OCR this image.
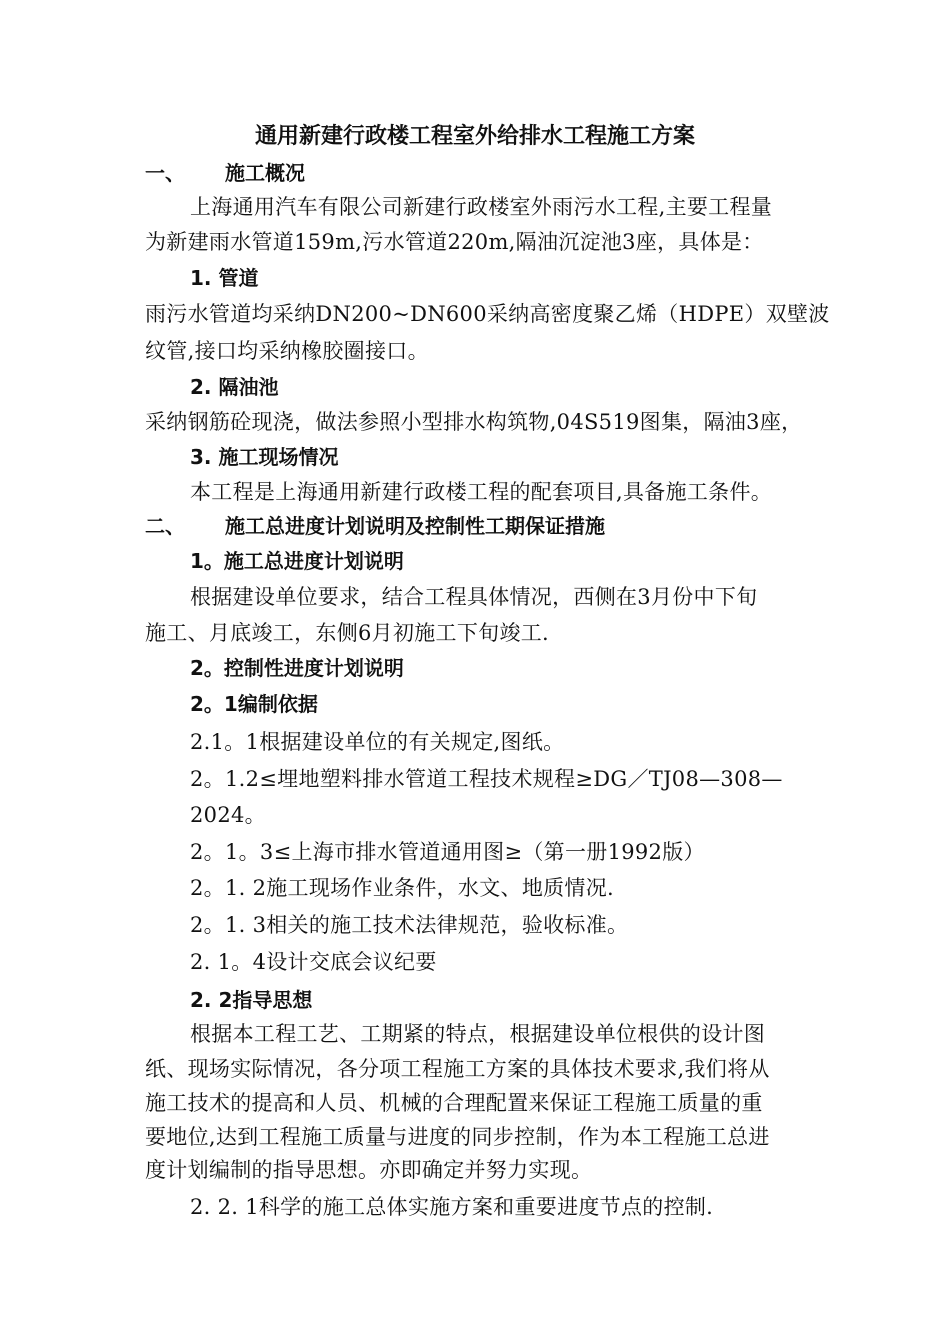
通用新建行政楼工程室外给排水工程施工方案
一、 施工概况
上海通用汽车有限公司新建行政楼室外雨污水工程,主要工程量
为新建雨水管道159m,污水管道220m,隔油沉淀池3座，具体是：
1. 管道
雨污水管道均采纳DN200~DN600采纳高密度聚乙烯（HDPE）双壁波
纹管,接口均采纳橡胶圈接口。
2. 隔油池
采纳钢筋砼现浇，做法参照小型排水构筑物,04S519图集，隔油3座，
3. 施工现场情况
本工程是上海通用新建行政楼工程的配套项目,具备施工条件。
二、 施工总进度计划说明及控制性工期保证措施
1。施工总进度计划说明
根据建设单位要求，结合工程具体情况，西侧在3月份中下旬
施工、月底竣工，东侧6月初施工下旬竣工.
2。控制性进度计划说明
2。1编制依据
2.1。1根据建设单位的有关规定,图纸。
2。1.2≤埋地塑料排水管道工程技术规程≥DG／TJ08—308—
2024。
2。1。3≤上海市排水管道通用图≥（第一册1992版）
2。1. 2施工现场作业条件，水文、地质情况.
2。1. 3相关的施工技术法律规范，验收标准。
2. 1。4设计交底会议纪要
2. 2指导思想
根据本工程工艺、工期紧的特点，根据建设单位根供的设计图
纸、现场实际情况，各分项工程施工方案的具体技术要求,我们将从
施工技术的提高和人员、机械的合理配置来保证工程施工质量的重
要地位,达到工程施工质量与进度的同步控制，作为本工程施工总进
度计划编制的指导思想。亦即确定并努力实现。
2. 2. 1科学的施工总体实施方案和重要进度节点的控制.
